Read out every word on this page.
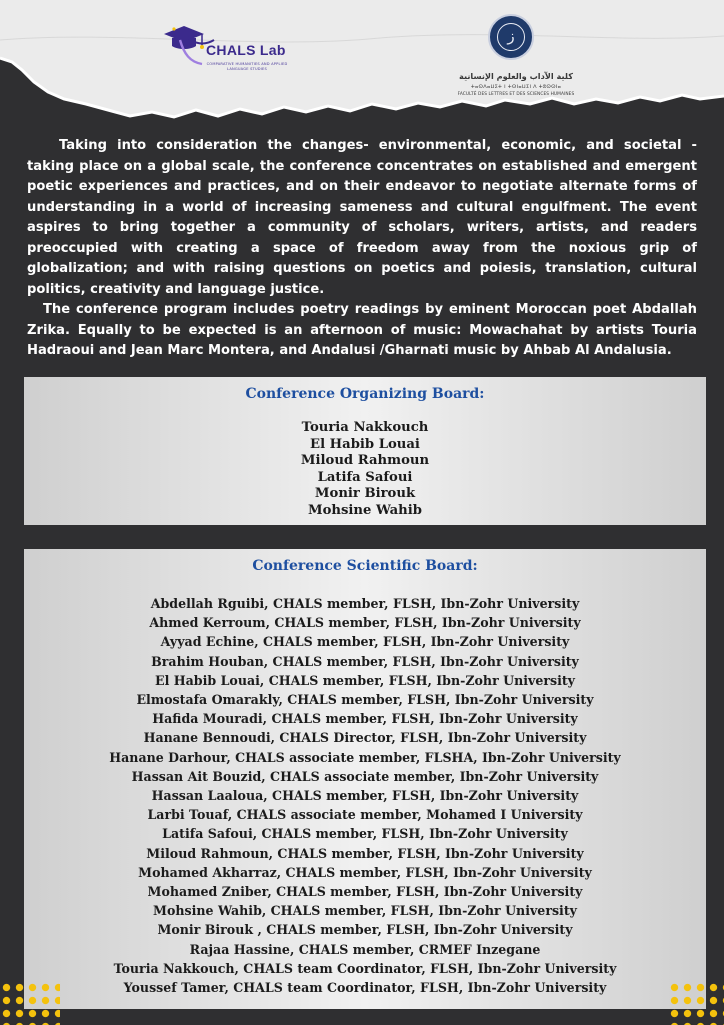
CHALS Lab
COMPARATIVE HUMANITIES AND APPLIED LANGUAGE STUDIES
ز
كلية الآداب والعلوم الإنسانية
ⵜⴰⵙⴷⴰⵡⵉⵜ ⵏ ⵜⵙⵏⴰⵡⵉⵏ ⴷ ⵜⵓⵙⵙⵏⴰ
FACULTÉ DES LETTRES ET DES SCIENCES HUMAINES

Taking into consideration the changes- environmental, economic, and societal - taking place on a global scale, the conference concentrates on established and emergent poetic experiences and practices, and on their endeavor to negotiate alternate forms of understanding in a world of increasing sameness and cultural engulfment. The event aspires to bring together a community of scholars, writers, artists, and readers preoccupied with creating a space of freedom away from the noxious grip of globalization; and with raising questions on poetics and poiesis, translation, cultural politics, creativity and language justice.

The conference program includes poetry readings by eminent Moroccan poet Abdallah Zrika. Equally to be expected is an afternoon of music: Mowachahat by artists Touria Hadraoui and Jean Marc Montera, and Andalusi /Gharnati music by Ahbab Al Andalusia.

Conference Organizing Board:
Touria Nakkouch
El Habib Louai
Miloud Rahmoun
Latifa Safoui
Monir Birouk
Mohsine Wahib
Conference Scientific Board:
Abdellah Rguibi, CHALS member, FLSH, Ibn-Zohr University
Ahmed Kerroum, CHALS member, FLSH, Ibn-Zohr University
Ayyad Echine, CHALS member, FLSH, Ibn-Zohr University
Brahim Houban, CHALS member, FLSH, Ibn-Zohr University
El Habib Louai, CHALS member, FLSH, Ibn-Zohr University
Elmostafa Omarakly, CHALS member, FLSH, Ibn-Zohr University
Hafida Mouradi, CHALS member, FLSH, Ibn-Zohr University
Hanane Bennoudi, CHALS Director, FLSH, Ibn-Zohr University
Hanane Darhour, CHALS associate member, FLSHA, Ibn-Zohr University
Hassan Ait Bouzid, CHALS associate member, Ibn-Zohr University
Hassan Laaloua, CHALS member, FLSH, Ibn-Zohr University
Larbi Touaf, CHALS associate member, Mohamed I University
Latifa Safoui, CHALS member, FLSH, Ibn-Zohr University
Miloud Rahmoun, CHALS member, FLSH, Ibn-Zohr University
Mohamed Akharraz, CHALS member, FLSH, Ibn-Zohr University
Mohamed Zniber, CHALS member, FLSH, Ibn-Zohr University
Mohsine Wahib, CHALS member, FLSH, Ibn-Zohr University
Monir Birouk , CHALS member, FLSH, Ibn-Zohr University
Rajaa Hassine, CHALS member, CRMEF Inzegane
Touria Nakkouch, CHALS team Coordinator, FLSH, Ibn-Zohr University
Youssef Tamer, CHALS team Coordinator, FLSH, Ibn-Zohr University
